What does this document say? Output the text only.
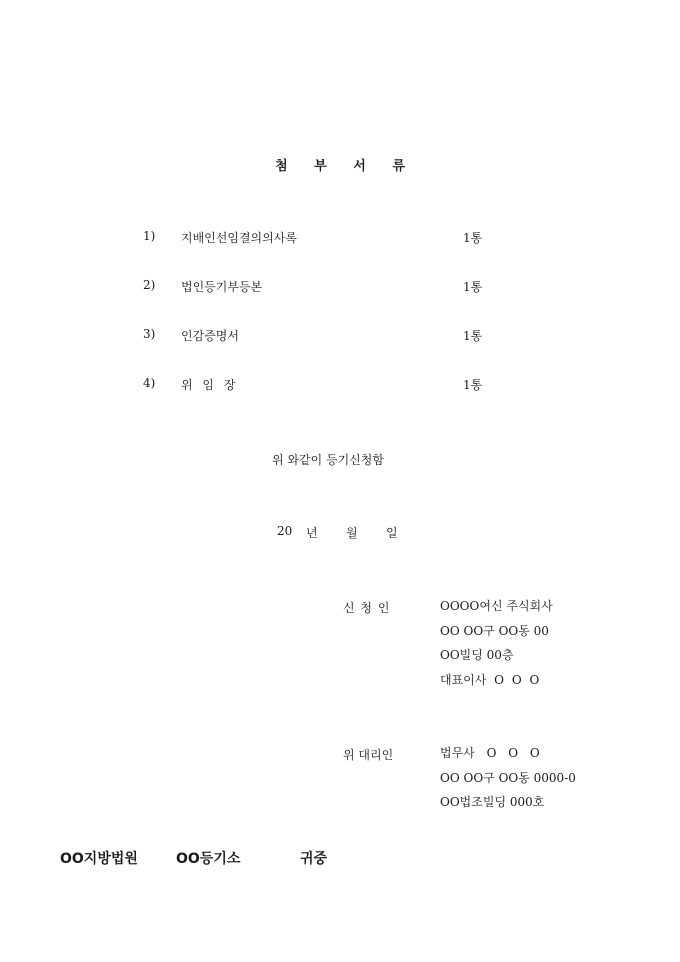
첨 부 서 류
1) 지배인선임결의의사록	1통
2) 법인등기부등본	1통
3) 인감증명서	1통
4) 위 임 장	1통
위 와같이 등기신청함
20 년 월 일
신 청 인	OOOO여신 주식회사
OO OO구 OO동 00
OO빌딩 00층
대표이사 O O O
위 대리인	법무사 O O O
OO OO구 OO동 0000-0
OO법조빌딩 000호
OO지방법원	OO등기소	귀중
